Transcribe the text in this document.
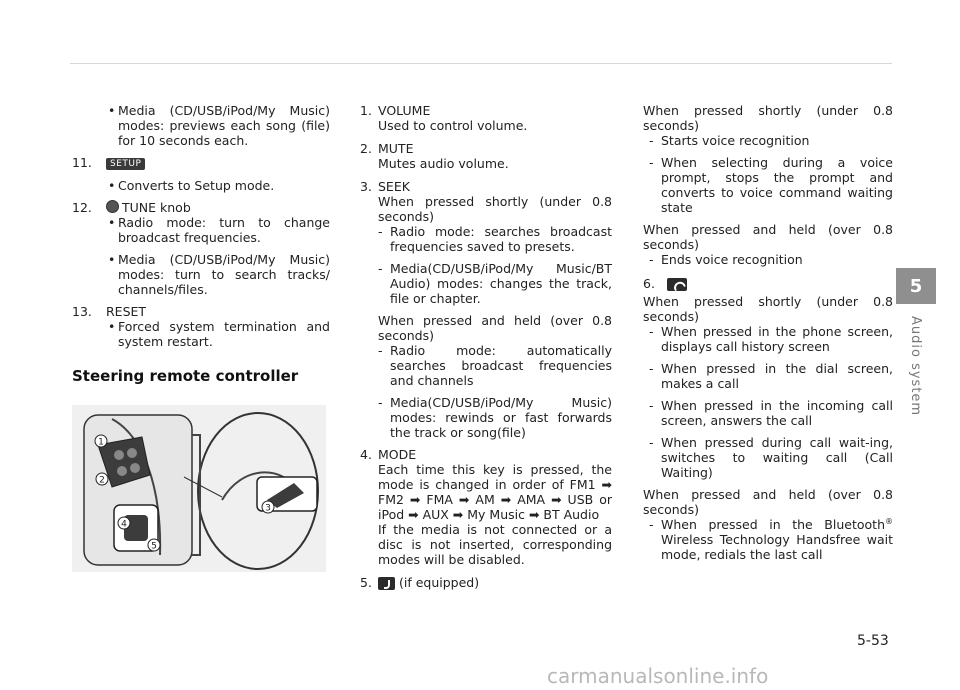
• Media (CD/USB/iPod/My Music) modes: previews each song (file) for 10 seconds each.
11.	SETUP
• Converts to Setup mode.
12.	TUNE knob
• Radio mode: turn to change broadcast frequencies.
• Media (CD/USB/iPod/My Music) modes: turn to search tracks/ channels/files.
13.	RESET
• Forced system termination and system restart.
Steering remote controller
1
2
3
4
5
1. VOLUME
Used to control volume.
2. MUTE
Mutes audio volume.
3. SEEK
When pressed shortly (under 0.8 seconds)
- Radio mode: searches broadcast frequencies saved to presets.
- Media(CD/USB/iPod/My Music/BT Audio) modes: changes the track, file or chapter.
When pressed and held (over 0.8 seconds)
- Radio mode: automatically searches broadcast frequencies and channels
- Media(CD/USB/iPod/My Music) modes: rewinds or fast forwards the track or song(file)
4. MODE
Each time this key is pressed, the mode is changed in order of FM1 ➡ FM2 ➡ FMA ➡ AM ➡ AMA ➡ USB or iPod ➡ AUX ➡ My Music ➡ BT Audio
If the media is not connected or a disc is not inserted, corresponding modes will be disabled.
5.	(if equipped)
When pressed shortly (under 0.8 seconds)
- Starts voice recognition
- When selecting during a voice prompt, stops the prompt and converts to voice command waiting state
When pressed and held (over 0.8 seconds)
- Ends voice recognition
6.
When pressed shortly (under 0.8 seconds)
- When pressed in the phone screen, displays call history screen
- When pressed in the dial screen, makes a call
- When pressed in the incoming call screen, answers the call
- When pressed during call wait-ing, switches to waiting call (Call Waiting)
When pressed and held (over 0.8 seconds)
- When pressed in the Bluetooth® Wireless Technology Handsfree wait mode, redials the last call
5
Audio system
5-53
carmanualsonline.info
